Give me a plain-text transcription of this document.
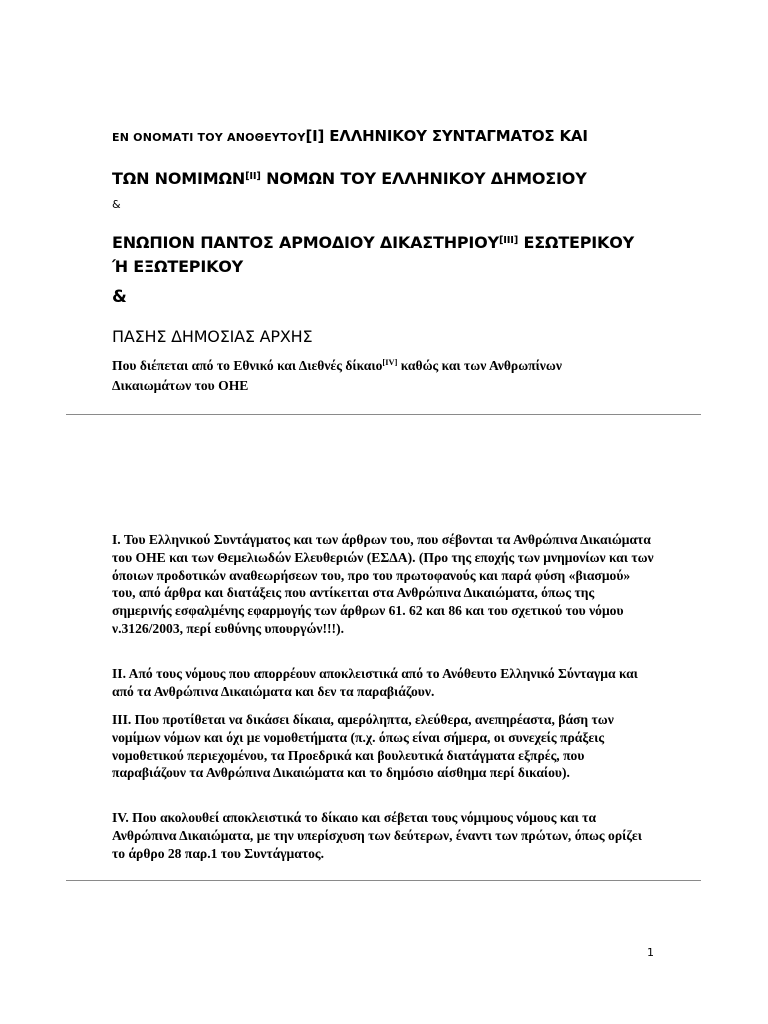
ΕΝ ΟΝΟΜΑΤΙ ΤΟΥ ΑΝΟΘΕΥΤΟΥ[Ι] ΕΛΛΗΝΙΚΟΥ ΣΥΝΤΑΓΜΑΤΟΣ ΚΑΙ
ΤΩΝ ΝΟΜΙΜΩΝ[II] ΝΟΜΩΝ ΤΟΥ ΕΛΛΗΝΙΚΟΥ ΔΗΜΟΣΙΟΥ
&
ΕΝΩΠΙΟΝ ΠΑΝΤΟΣ ΑΡΜΟΔΙΟΥ ΔΙΚΑΣΤΗΡΙΟΥ[III] ΕΣΩΤΕΡΙΚΟΥ
Ή ΕΞΩΤΕΡΙΚΟΥ
&
ΠΑΣΗΣ ΔΗΜΟΣΙΑΣ ΑΡΧΗΣ
Που διέπεται από το Εθνικό και Διεθνές δίκαιο[IV] καθώς και των Ανθρωπίνων
Δικαιωμάτων του ΟΗΕ
Ι. Του Ελληνικού Συντάγματος και των άρθρων του, που σέβονται τα Ανθρώπινα Δικαιώματα του ΟΗΕ και των Θεμελιωδών Ελευθεριών (ΕΣΔΑ). (Προ της εποχής των μνημονίων και των όποιων προδοτικών αναθεωρήσεων του, προ του πρωτοφανούς και παρά φύση «βιασμού» του, από άρθρα και διατάξεις που αντίκειται στα Ανθρώπινα Δικαιώματα, όπως της σημερινής εσφαλμένης εφαρμογής των άρθρων 61. 62 και 86 και του σχετικού του νόμου ν.3126/2003, περί ευθύνης υπουργών!!!).
ΙΙ. Από τους νόμους που απορρέουν αποκλειστικά από το Ανόθευτο Ελληνικό Σύνταγμα και από τα Ανθρώπινα Δικαιώματα και δεν τα παραβιάζουν.
ΙΙΙ. Που προτίθεται να δικάσει δίκαια, αμερόληπτα, ελεύθερα, ανεπηρέαστα, βάση των νομίμων νόμων και όχι με νομοθετήματα (π.χ. όπως είναι σήμερα, οι συνεχείς πράξεις νομοθετικού περιεχομένου, τα Προεδρικά και βουλευτικά διατάγματα εξπρές, που παραβιάζουν τα Ανθρώπινα Δικαιώματα και το δημόσιο αίσθημα περί δικαίου).
IV. Που ακολουθεί αποκλειστικά το δίκαιο και σέβεται τους νόμιμους νόμους και τα Ανθρώπινα Δικαιώματα, με την υπερίσχυση των δεύτερων, έναντι των πρώτων, όπως ορίζει το άρθρο 28 παρ.1 του Συντάγματος.
1
